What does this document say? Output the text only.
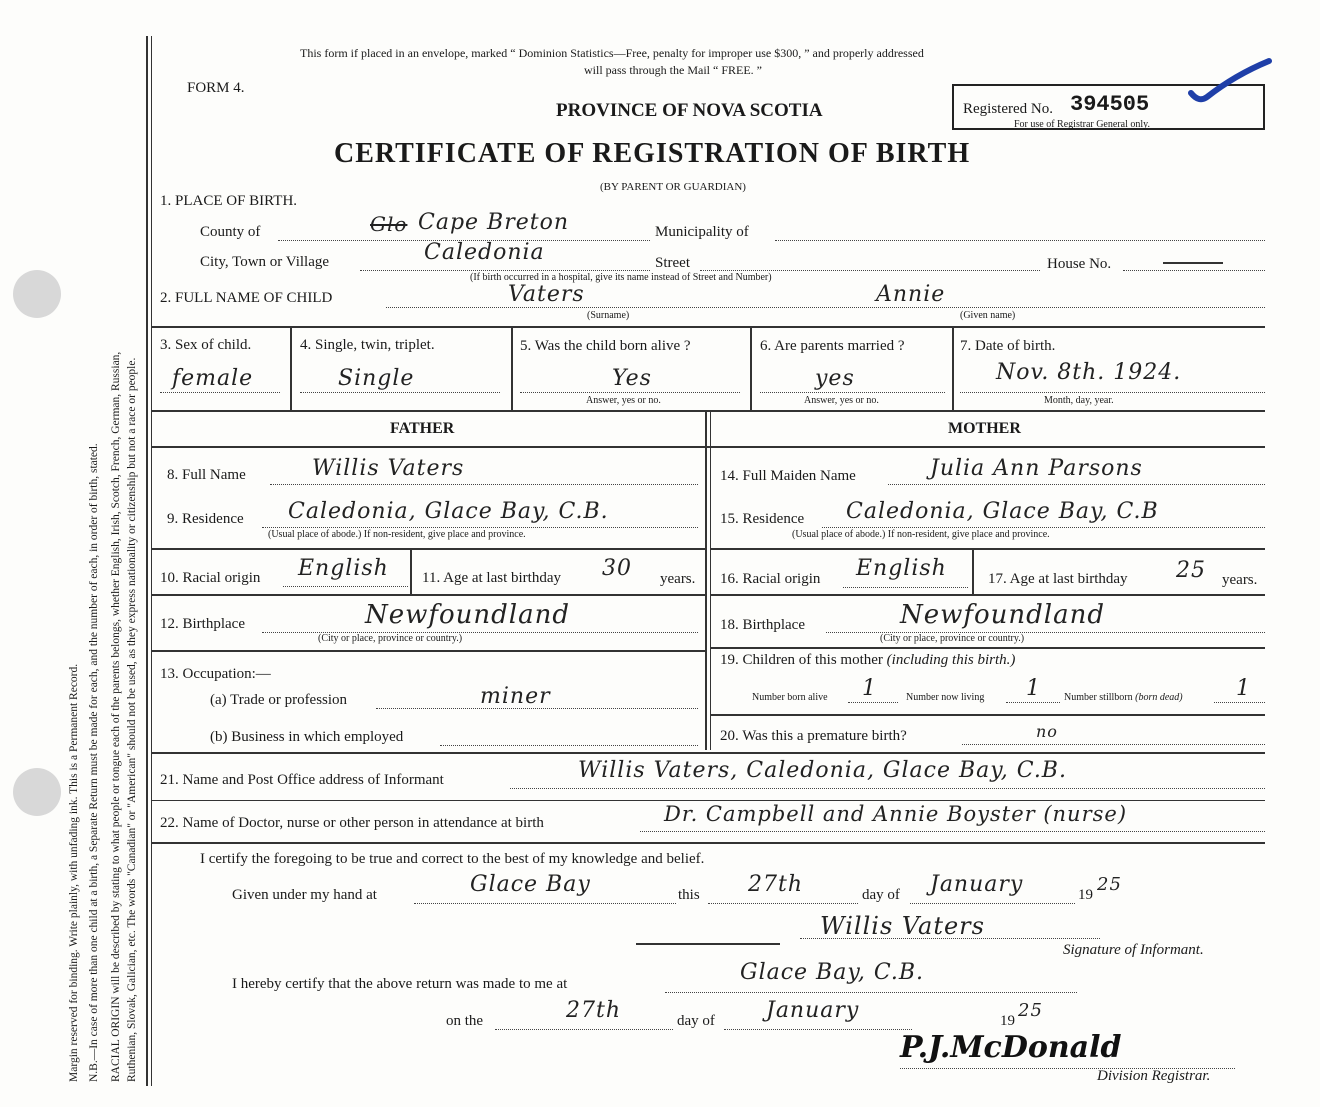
Margin reserved for binding. Write plainly, with unfading ink. This is a Permanent Record. N.B.—In case of more than one child at a birth, a Separate Return must be made for each, and the number of each, in order of birth, stated. RACIAL ORIGIN will be described by stating to what people or tongue each of the parents belongs, whether English, Irish, Scotch, French, German, Russian, Ruthenian, Slovak, Galician, etc. The words "Canadian" or "American" should not be used, as they express nationality or citizenship but not a race or people.
This form if placed in an envelope, marked “ Dominion Statistics—Free, penalty for improper use $300, ” and properly addressed
will pass through the Mail “ FREE. ”
FORM 4.
PROVINCE OF NOVA SCOTIA
CERTIFICATE OF REGISTRATION OF BIRTH
(BY PARENT OR GUARDIAN)
Registered No. 394505
For use of Registrar General only.
1. PLACE OF BIRTH.
County of	Glo Cape Breton	Municipality of
City, Town or Village	Caledonia	Street	House No.
(If birth occurred in a hospital, give its name instead of Street and Number)
2. FULL NAME OF CHILD	Vaters	Annie
(Surname)	(Given name)
3. Sex of child.
female
4. Single, twin, triplet.
Single
5. Was the child born alive ?
Yes
Answer, yes or no.
6. Are parents married ?
yes
Answer, yes or no.
7. Date of birth.
Nov. 8th. 1924.
Month, day, year.
FATHER	MOTHER
8. Full Name	Willis Vaters
9. Residence Caledonia, Glace Bay, C.B.
(Usual place of abode.) If non-resident, give place and province.
10. Racial origin English 11. Age at last birthday 30 years.
12. Birthplace	Newfoundland
(City or place, province or country.)
13. Occupation:—
(a) Trade or profession	miner
(b) Business in which employed
14. Full Maiden Name	Julia Ann Parsons
15. Residence Caledonia, Glace Bay, C.B
(Usual place of abode.) If non-resident, give place and province.
16. Racial origin English	17. Age at last birthday 25 years.
18. Birthplace	Newfoundland
(City or place, province or country.)
19. Children of this mother (including this birth.)
Number born alive 1	Number now living 1 Number stillborn (born dead) 1
20. Was this a premature birth?	no
21. Name and Post Office address of Informant	Willis Vaters, Caledonia, Glace Bay, C.B.
22. Name of Doctor, nurse or other person in attendance at birth	Dr. Campbell and Annie Boyster (nurse)
I certify the foregoing to be true and correct to the best of my knowledge and belief.
Given under my hand at	Glace Bay	this 27th	day of January	19 25
Willis Vaters
Signature of Informant.
I hereby certify that the above return was made to me at	Glace Bay, C.B.
on the	27th	day of January	19 25
P.J.McDonald
Division Registrar.
